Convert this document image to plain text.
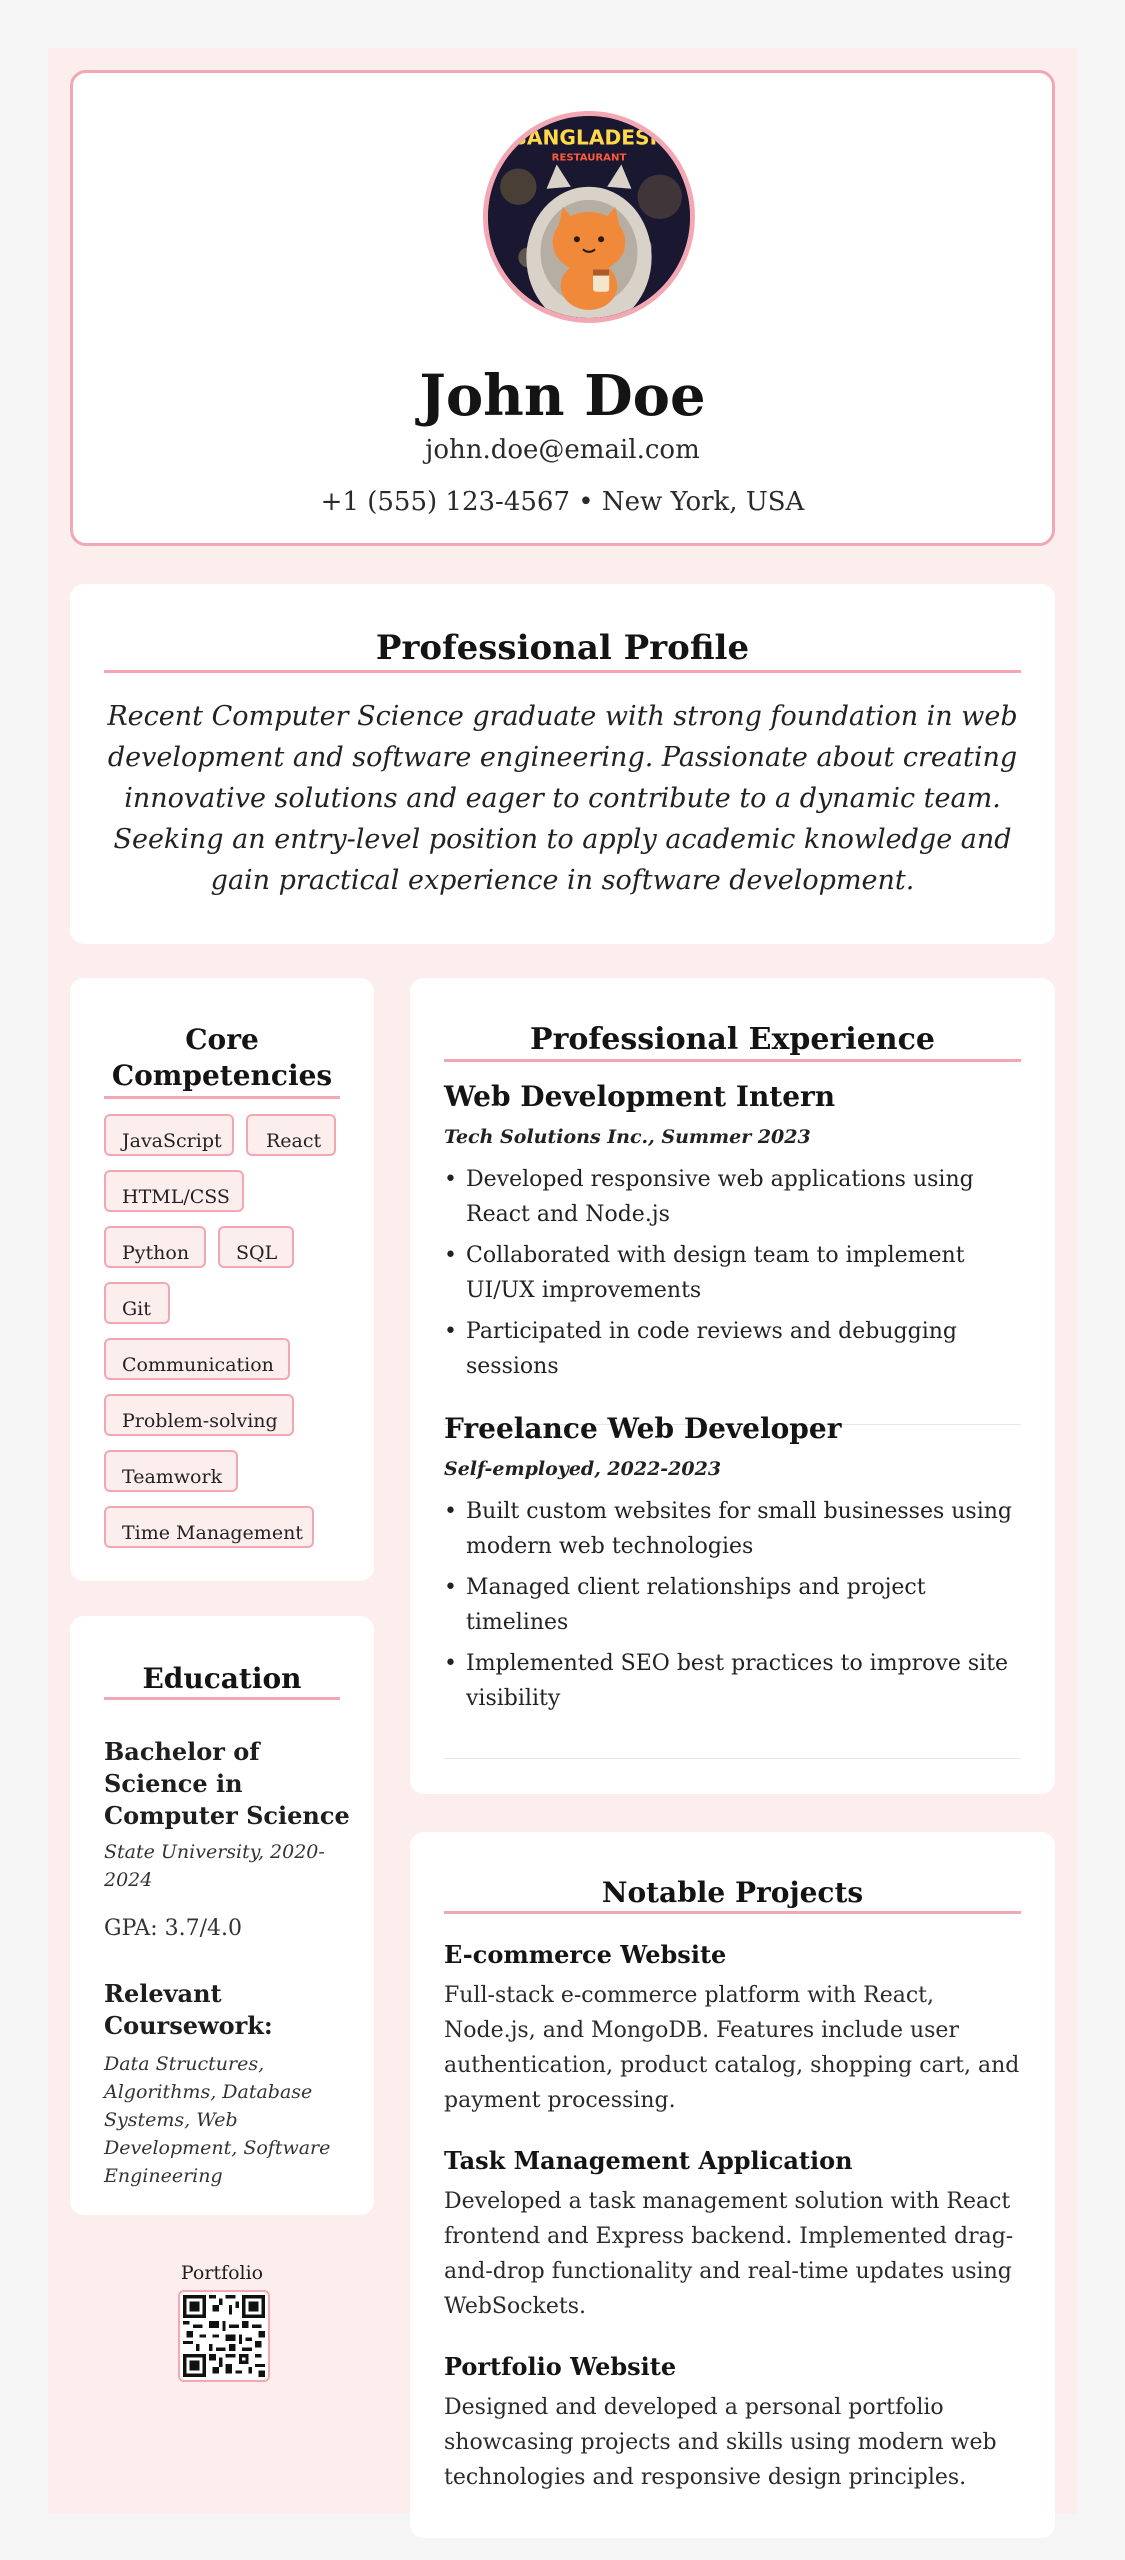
BANGLADESH
RESTAURANT
John Doe
john.doe@email.com
+1 (555) 123-4567 • New York, USA
Professional Profile
Recent Computer Science graduate with strong foundation in web development and software engineering. Passionate about creating innovative solutions and eager to contribute to a dynamic team. Seeking an entry-level position to apply academic knowledge and gain practical experience in software development.
Core Competencies
JavaScript	React
HTML/CSS
Python	SQL
Git
Communication
Problem-solving
Teamwork
Time Management
Education
Bachelor of Science in Computer Science
State University, 2020-2024
GPA: 3.7/4.0
Relevant Coursework:
Data Structures, Algorithms, Database Systems, Web Development, Software Engineering
Portfolio
Professional Experience
Web Development Intern
Tech Solutions Inc., Summer 2023
• Developed responsive web applications using React and Node.js
• Collaborated with design team to implement UI/UX improvements
• Participated in code reviews and debugging sessions
Freelance Web Developer
Self-employed, 2022-2023
• Built custom websites for small businesses using modern web technologies
• Managed client relationships and project timelines
• Implemented SEO best practices to improve site visibility
Notable Projects
E-commerce Website
Full-stack e-commerce platform with React, Node.js, and MongoDB. Features include user authentication, product catalog, shopping cart, and payment processing.
Task Management Application
Developed a task management solution with React frontend and Express backend. Implemented drag-and-drop functionality and real-time updates using WebSockets.
Portfolio Website
Designed and developed a personal portfolio showcasing projects and skills using modern web technologies and responsive design principles.
